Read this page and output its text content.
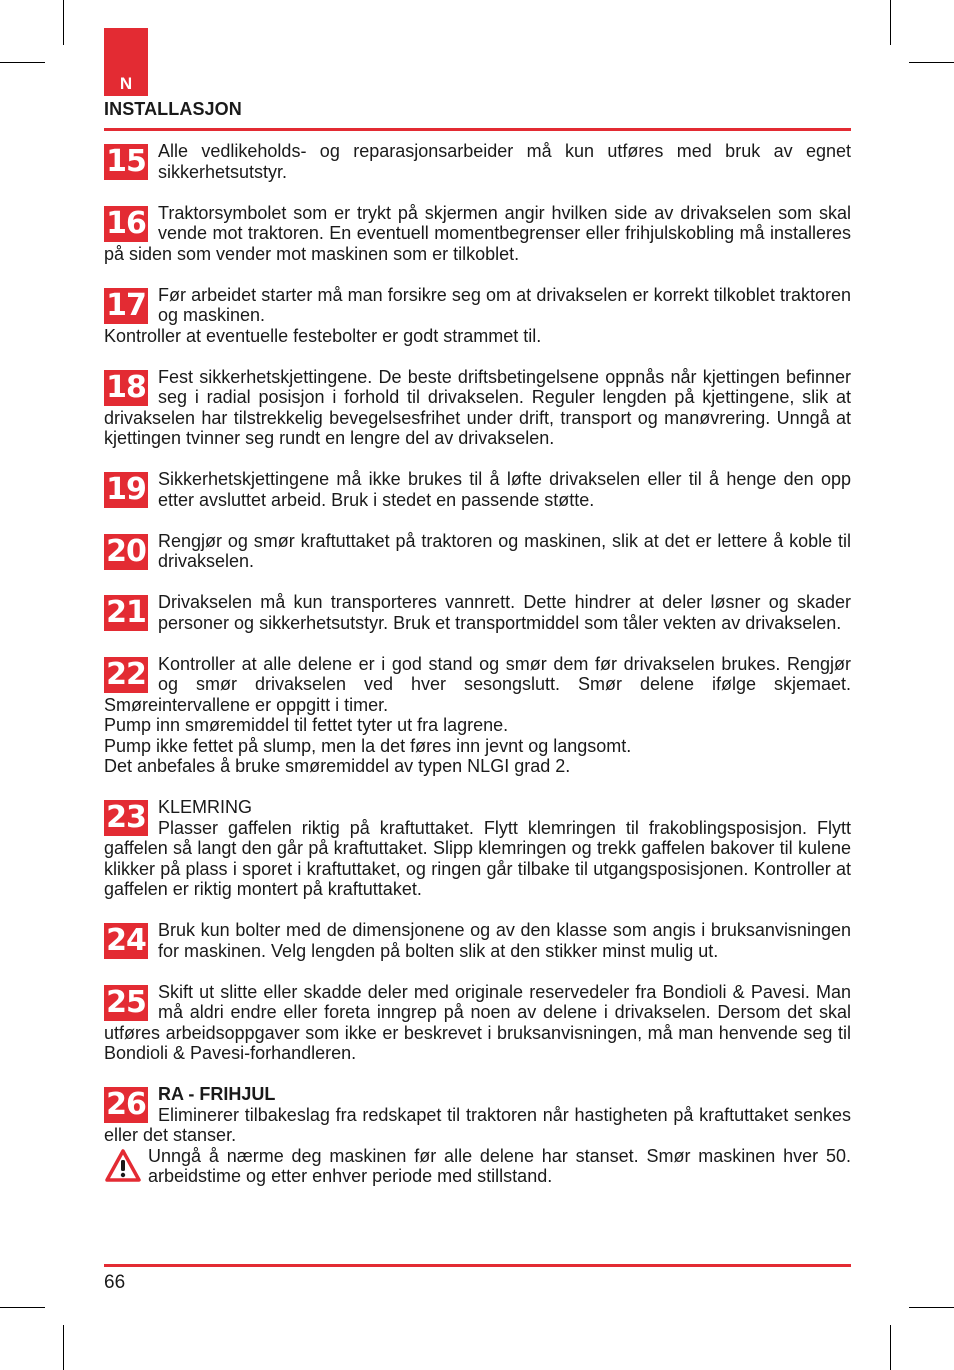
N
INSTALLASJON
15 Alle vedlikeholds- og reparasjonsarbeider må kun utføres med bruk av egnet sikkerhetsutstyr.

16 Traktorsymbolet som er trykt på skjermen angir hvilken side av drivakselen som skal vende mot traktoren. En eventuell momentbegrenser eller frihjulskobling må installeres på siden som vender mot maskinen som er tilkoblet.

17 Før arbeidet starter må man forsikre seg om at drivakselen er korrekt tilkoblet traktoren og maskinen.

Kontroller at eventuelle festebolter er godt strammet til.

18 Fest sikkerhetskjettingene. De beste driftsbetingelsene oppnås når kjettingen befinner seg i radial posisjon i forhold til drivakselen. Reguler lengden på kjettingene, slik at drivakselen har tilstrekkelig bevegelsesfrihet under drift, transport og manøvrering. Unngå at kjettingen tvinner seg rundt en lengre del av drivakselen.

19 Sikkerhetskjettingene må ikke brukes til å løfte drivakselen eller til å henge den opp etter avsluttet arbeid. Bruk i stedet en passende støtte.

20 Rengjør og smør kraftuttaket på traktoren og maskinen, slik at det er lettere å koble til drivakselen.

21 Drivakselen må kun transporteres vannrett. Dette hindrer at deler løsner og skader personer og sikkerhetsutstyr. Bruk et transportmiddel som tåler vekten av drivakselen.

22 Kontroller at alle delene er i god stand og smør dem før drivakselen brukes. Rengjør og smør drivakselen ved hver sesongslutt. Smør delene ifølge skjemaet. Smøreintervallene er oppgitt i timer.

Pump inn smøremiddel til fettet tyter ut fra lagrene.

Pump ikke fettet på slump, men la det føres inn jevnt og langsomt.

Det anbefales å bruke smøremiddel av typen NLGI grad 2.

23 KLEMRING

Plasser gaffelen riktig på kraftuttaket. Flytt klemringen til frakoblingsposisjon. Flytt gaffelen så langt den går på kraftuttaket. Slipp klemringen og trekk gaffelen bakover til kulene klikker på plass i sporet i kraftuttaket, og ringen går tilbake til utgangsposisjonen. Kontroller at gaffelen er riktig montert på kraftuttaket.

24 Bruk kun bolter med de dimensjonene og av den klasse som angis i bruksanvisningen for maskinen. Velg lengden på bolten slik at den stikker minst mulig ut.

25 Skift ut slitte eller skadde deler med originale reservedeler fra Bondioli & Pavesi. Man må aldri endre eller foreta inngrep på noen av delene i drivakselen. Dersom det skal utføres arbeidsoppgaver som ikke er beskrevet i bruksanvisningen, må man henvende seg til Bondioli & Pavesi-forhandleren.

26 RA - FRIHJUL

Eliminerer tilbakeslag fra redskapet til traktoren når hastigheten på kraftuttaket senkes eller det stanser.

Unngå å nærme deg maskinen før alle delene har stanset. Smør maskinen hver 50. arbeidstime og etter enhver periode med stillstand.

66
